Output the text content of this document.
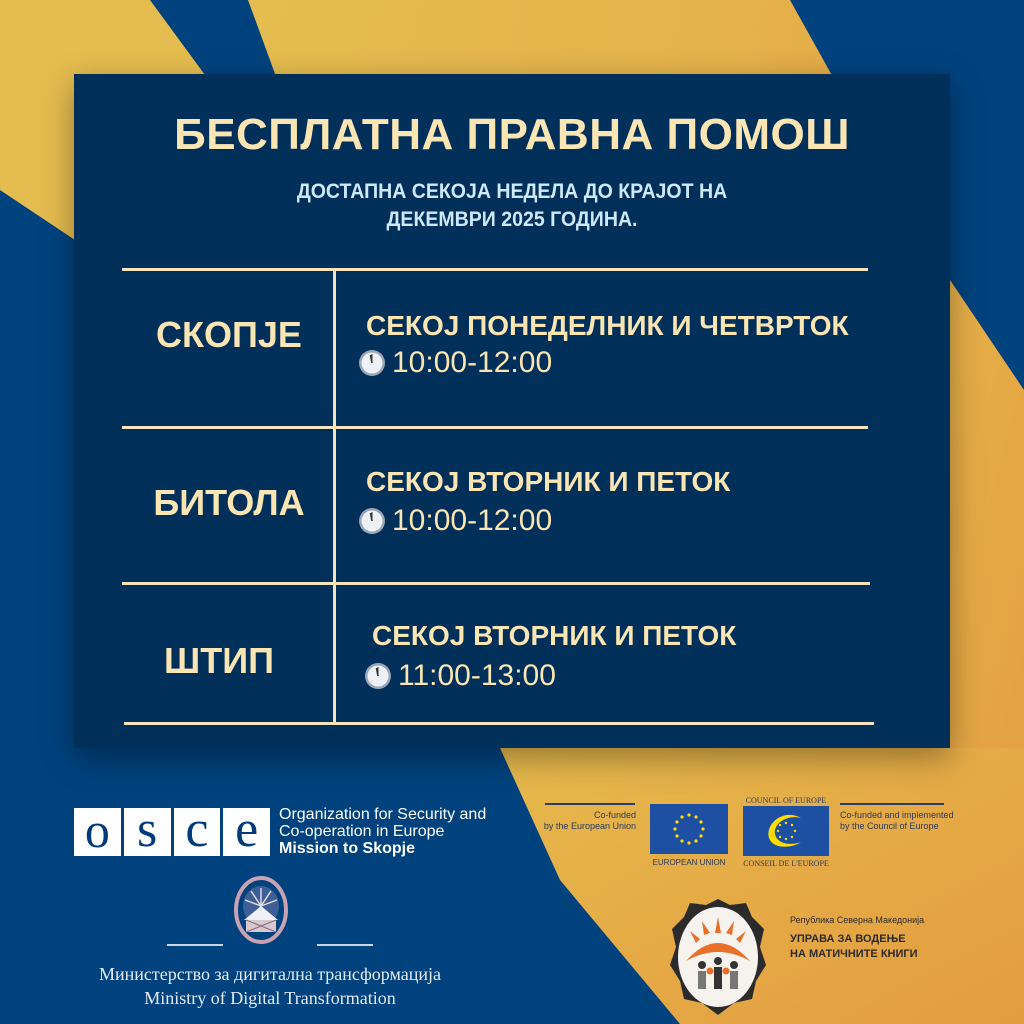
БЕСПЛАТНА ПРАВНА ПОМОШ
ДОСТАПНА СЕКОЈА НЕДЕЛА ДО КРАЈОТ НА
ДЕКЕМВРИ 2025 ГОДИНА.
СКОПЈЕ	СЕКОЈ ПОНЕДЕЛНИК И ЧЕТВРТОК
10:00-12:00
БИТОЛА
СЕКОЈ ВТОРНИК И ПЕТОК
10:00-12:00
ШТИП
СЕКОЈ ВТОРНИК И ПЕТОК
11:00-13:00
o s c e	Organization for Security and
Co-operation in Europe
Mission to Skopje
Co-funded
by the European Union
EUROPEAN UNION
COUNCIL OF EUROPE
CONSEIL DE L'EUROPE
Co-funded and implemented
by the Council of Europe
Министерство за дигитална трансформација
Ministry of Digital Transformation
Република Северна Македонија
УПРАВА ЗА ВОДЕЊЕ
НА МАТИЧНИТЕ КНИГИ
